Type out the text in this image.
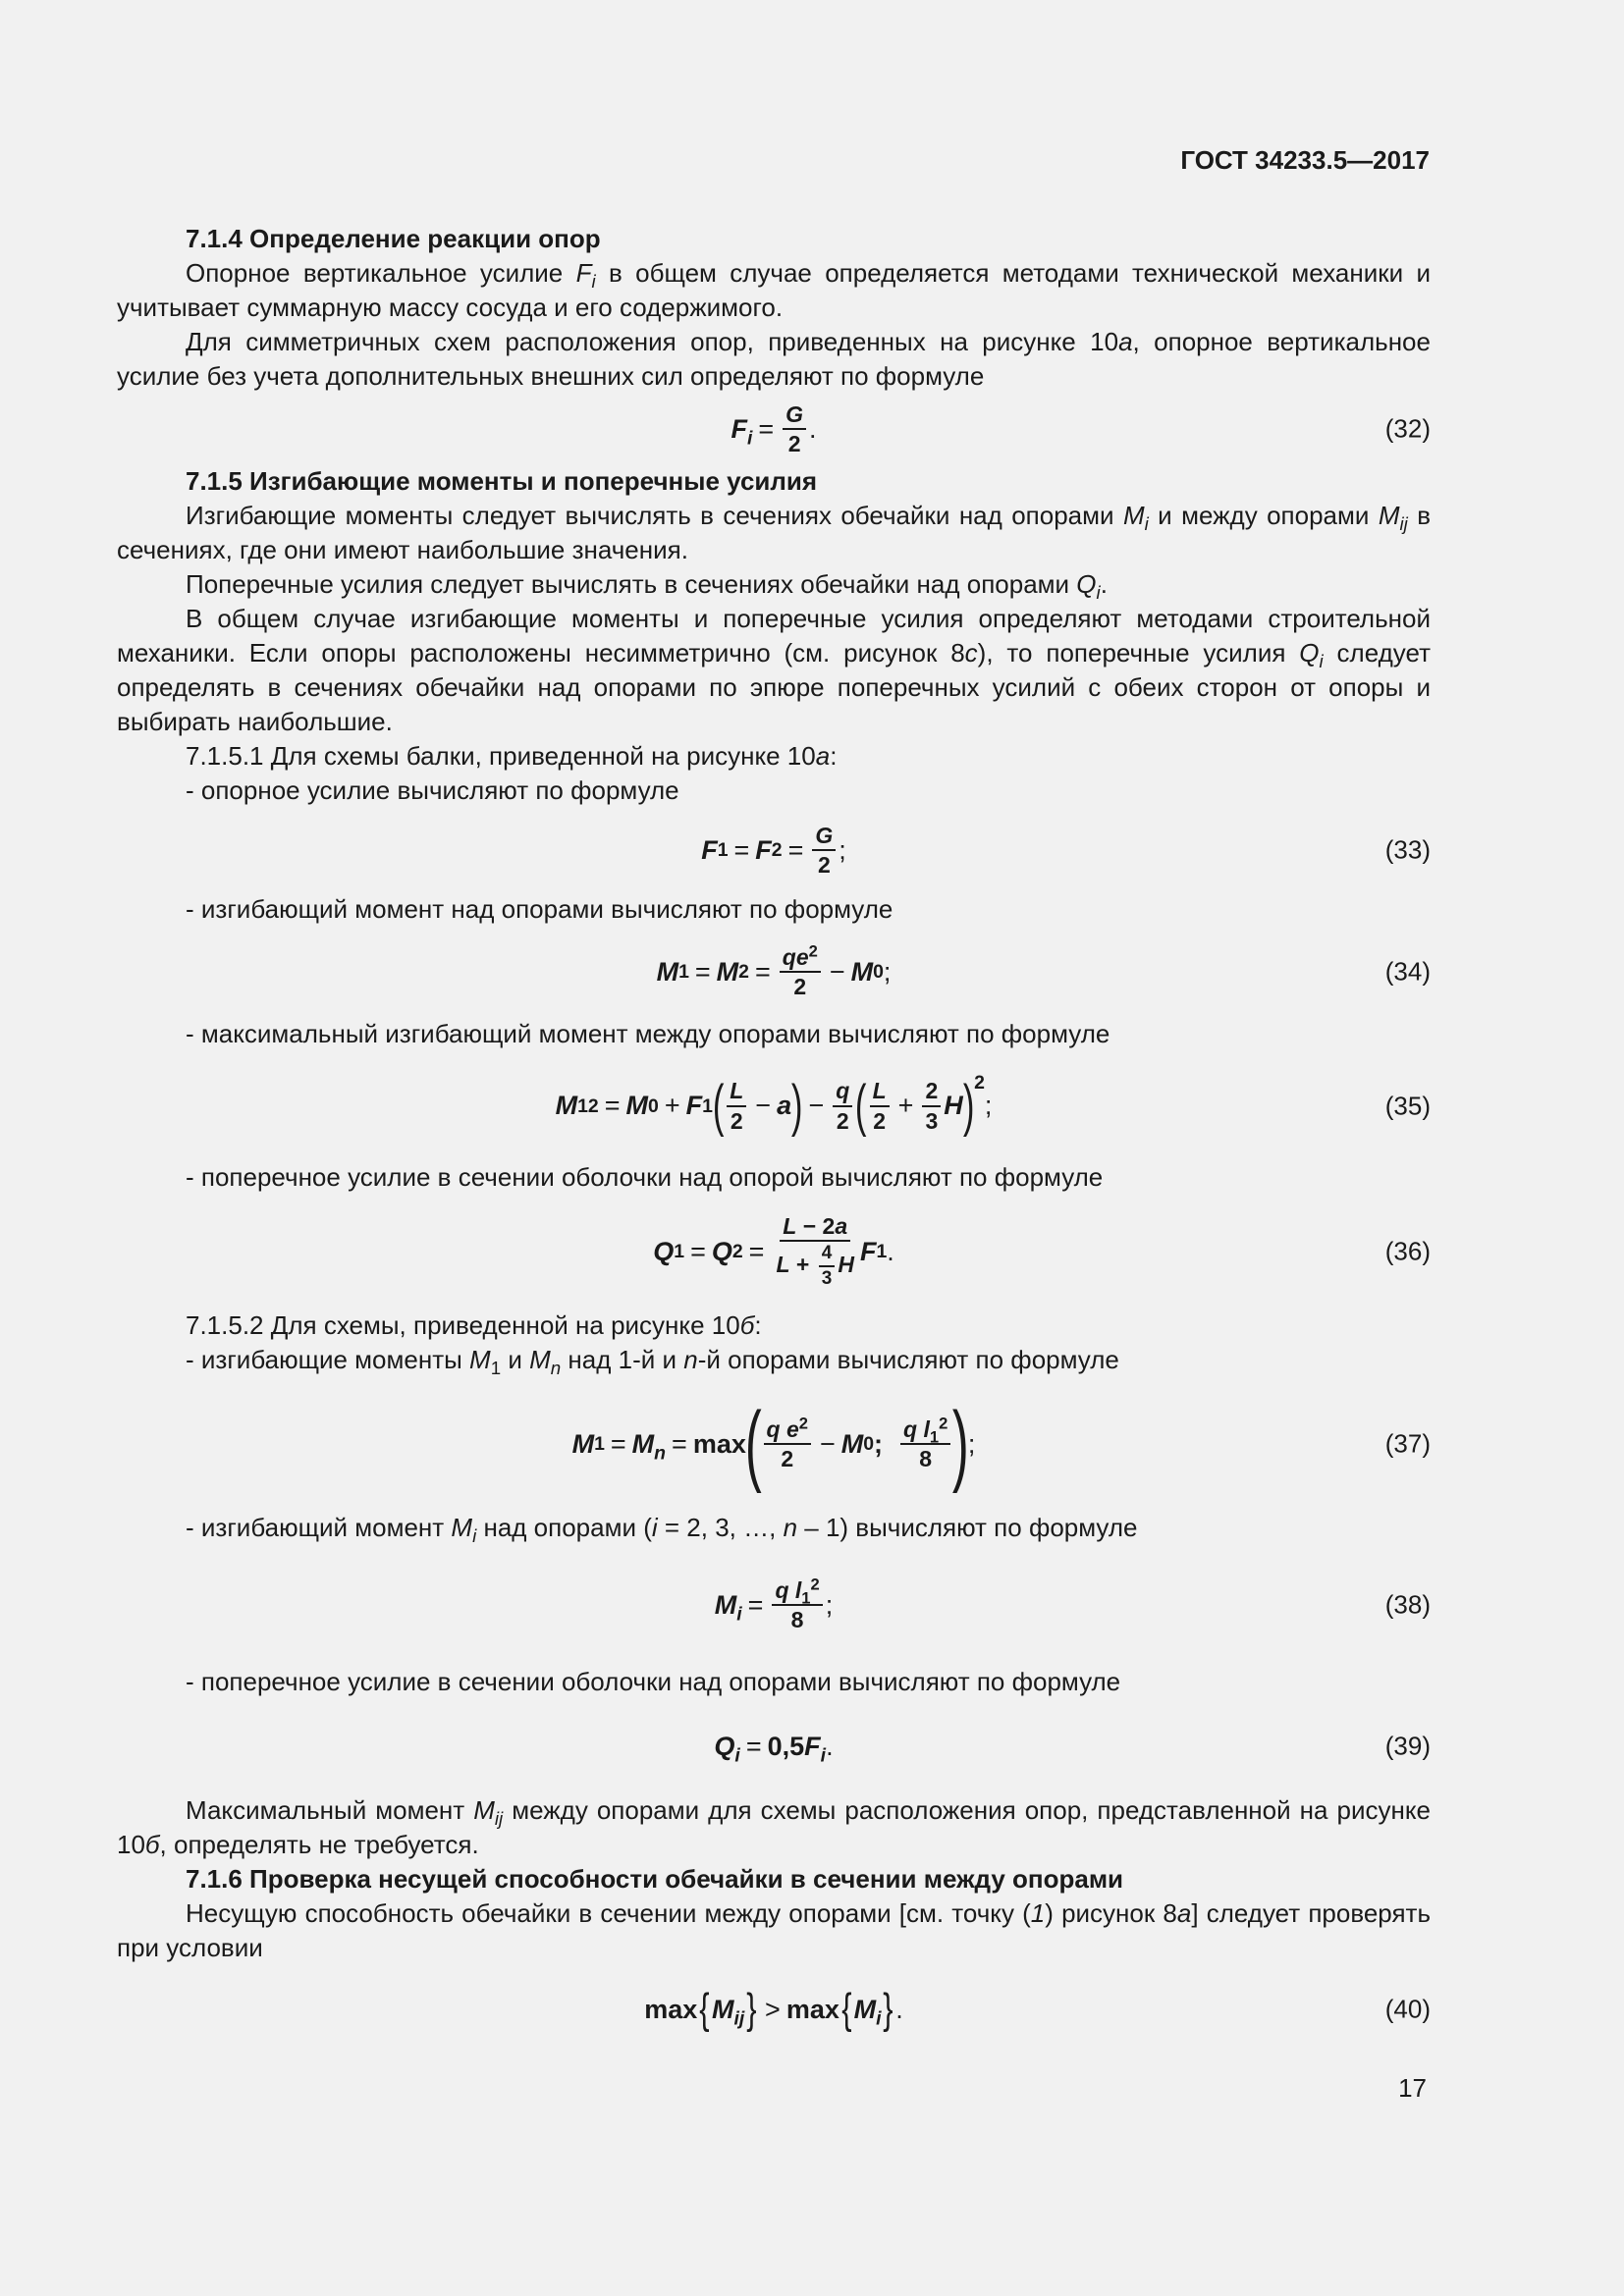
ГОСТ 34233.5—2017

7.1.4 Определение реакции опор

Опорное вертикальное усилие $F_i$ в общем случае определяется методами технической механики и учитывает суммарную массу сосуда и его содержимого.

Для симметричных схем расположения опор, приведенных на рисунке 10а, опорное вертикальное усилие без учета дополнительных внешних сил определяют по формуле

$F_i = \frac{G}{2}$ .	(32)

7.1.5 Изгибающие моменты и поперечные усилия

Изгибающие моменты следует вычислять в сечениях обечайки над опорами $M_i$ и между опорами $M_{ij}$ в сечениях, где они имеют наибольшие значения.

Поперечные усилия следует вычислять в сечениях обечайки над опорами $Q_i$.

В общем случае изгибающие моменты и поперечные усилия определяют методами строительной механики. Если опоры расположены несимметрично (см. рисунок 8с), то поперечные усилия $Q_i$ следует определять в сечениях обечайки над опорами по эпюре поперечных усилий с обеих сторон от опоры и выбирать наибольшие.

7.1.5.1 Для схемы балки, приведенной на рисунке 10а:

- опорное усилие вычисляют по формуле

F 1 = F $2 = \frac{G}{2}$ ;	(33)

- изгибающий момент над опорами вычисляют по формуле

M 1 = M $2 = \frac{qe^2}{2} - M$ 0 ;	(34)

- максимальный изгибающий момент между опорами вычисляют по формуле

M 12 = M 0 + F 1 ( $\frac{L}{2} - a$ ) − $\frac{q}{2}$ ( $\frac{L}{2} + \frac{2}{3}$ H )$^2$
;	(35)

- поперечное усилие в сечении оболочки над опорой вычисляют по формуле

Q 1 = Q $2 = \frac{L - 2a}{L + \frac{4}{3} H}$ F 1 .	(36)

7.1.5.2 Для схемы, приведенной на рисунке 10б:

- изгибающие моменты $M_1$ и $M_n$ над 1-й и n-й опорами вычисляют по формуле

M $1 = M_n = \max$
( $\frac{q e^2}{2} - M$ 0 ; $\frac{q l_1^2}{8}$ )
;	(37)

- изгибающий момент $M_i$ над опорами (i = 2, 3, …, n – 1) вычисляют по формуле

$M_i = \frac{q l_1^2}{8}$ ;	(38)

- поперечное усилие в сечении оболочки над опорами вычисляют по формуле

$Q_i = 0,5$ $F_i$ .	(39)

Максимальный момент $M_{ij}$ между опорами для схемы расположения опор, представленной на рисунке 10б, определять не требуется.

7.1.6 Проверка несущей способности обечайки в сечении между опорами

Несущую способность обечайки в сечении между опорами [см. точку (1) рисунок 8а] следует проверять при условии

max { $M_{ij}$ } > max { $M_i$ } .	(40)
17
